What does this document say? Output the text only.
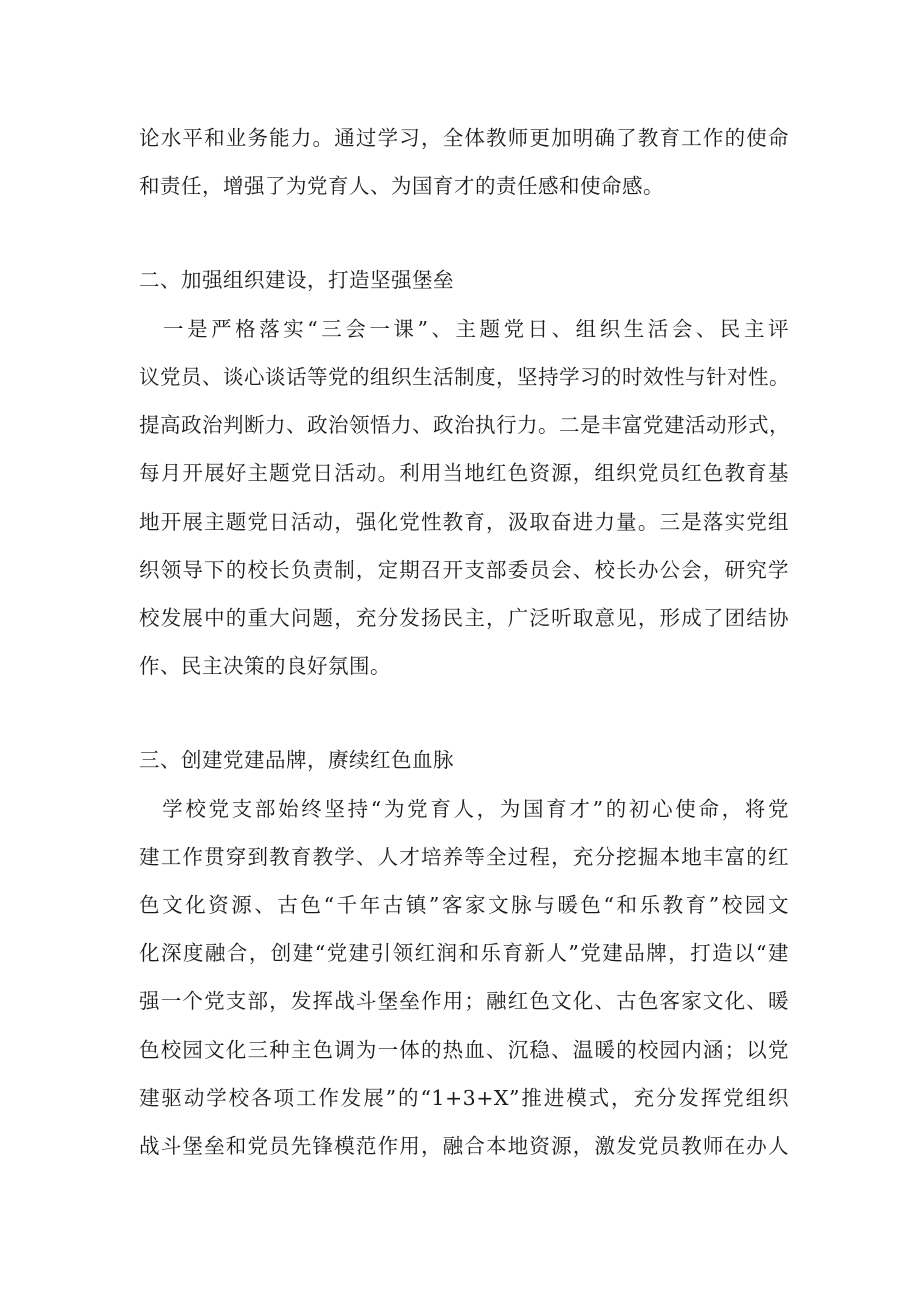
论水平和业务能力。通过学习，全体教师更加明确了教育工作的使命
和责任，增强了为党育人、为国育才的责任感和使命感。
二、加强组织建设，打造坚强堡垒
　一是严格落实“三会一课”、主题党日、组织生活会、民主评
议党员、谈心谈话等党的组织生活制度，坚持学习的时效性与针对性。
提高政治判断力、政治领悟力、政治执行力。二是丰富党建活动形式，
每月开展好主题党日活动。利用当地红色资源，组织党员红色教育基
地开展主题党日活动，强化党性教育，汲取奋进力量。三是落实党组
织领导下的校长负责制，定期召开支部委员会、校长办公会，研究学
校发展中的重大问题，充分发扬民主，广泛听取意见，形成了团结协
作、民主决策的良好氛围。
三、创建党建品牌，赓续红色血脉
　学校党支部始终坚持“为党育人，为国育才”的初心使命，将党
建工作贯穿到教育教学、人才培养等全过程，充分挖掘本地丰富的红
色文化资源、古色“千年古镇”客家文脉与暖色“和乐教育”校园文
化深度融合，创建“党建引领红润和乐育新人”党建品牌，打造以“建
强一个党支部，发挥战斗堡垒作用；融红色文化、古色客家文化、暖
色校园文化三种主色调为一体的热血、沉稳、温暖的校园内涵；以党
建驱动学校各项工作发展”的“1+3+X”推进模式，充分发挥党组织
战斗堡垒和党员先锋模范作用，融合本地资源，激发党员教师在办人
